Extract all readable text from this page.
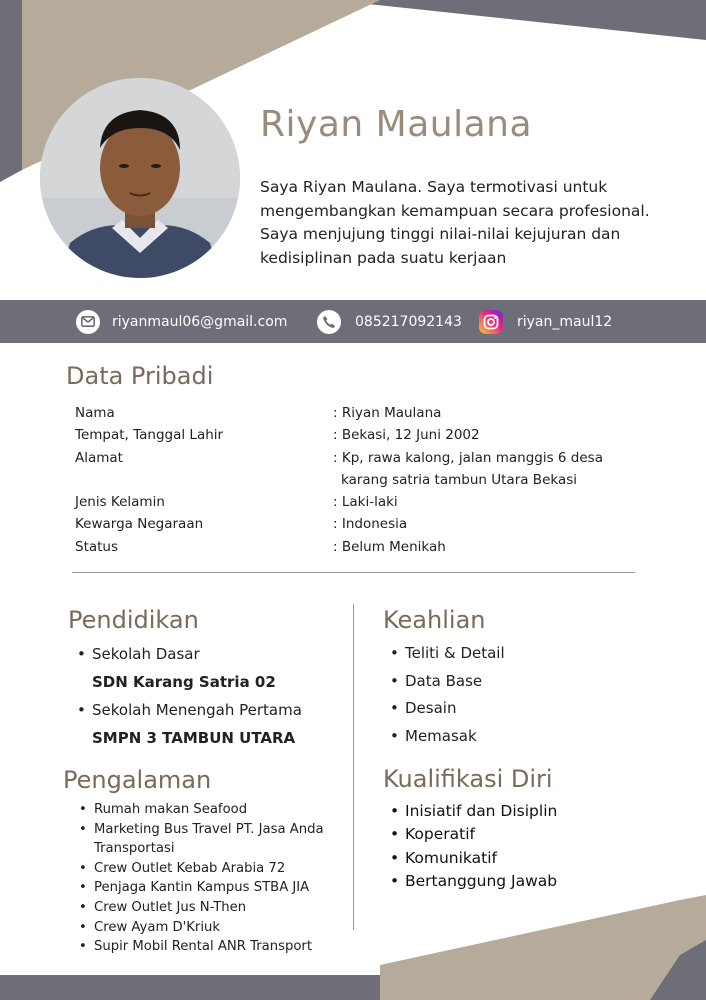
Riyan Maulana
Saya Riyan Maulana. Saya termotivasi untuk mengembangkan kemampuan secara profesional. Saya menjujung tinggi nilai-nilai kejujuran dan kedisiplinan pada suatu kerjaan
riyanmaul06@gmail.com	085217092143	riyan_maul12
Data Pribadi
Nama	: Riyan Maulana
Tempat, Tanggal Lahir	: Bekasi, 12 Juni 2002
Alamat	: Kp, rawa kalong, jalan manggis 6 desa karang satria tambun Utara Bekasi
Jenis Kelamin	: Laki-laki
Kewarga Negaraan	: Indonesia
Status	: Belum Menikah
Pendidikan
• Sekolah Dasar
SDN Karang Satria 02
• Sekolah Menengah Pertama
SMPN 3 TAMBUN UTARA
Pengalaman
• Rumah makan Seafood
• Marketing Bus Travel PT. Jasa Anda Transportasi
• Crew Outlet Kebab Arabia 72
• Penjaga Kantin Kampus STBA JIA
• Crew Outlet Jus N-Then
• Crew Ayam D'Kriuk
• Supir Mobil Rental ANR Transport
Keahlian
• Teliti & Detail
• Data Base
• Desain
• Memasak
Kualifikasi Diri
• Inisiatif dan Disiplin
• Koperatif
• Komunikatif
• Bertanggung Jawab
